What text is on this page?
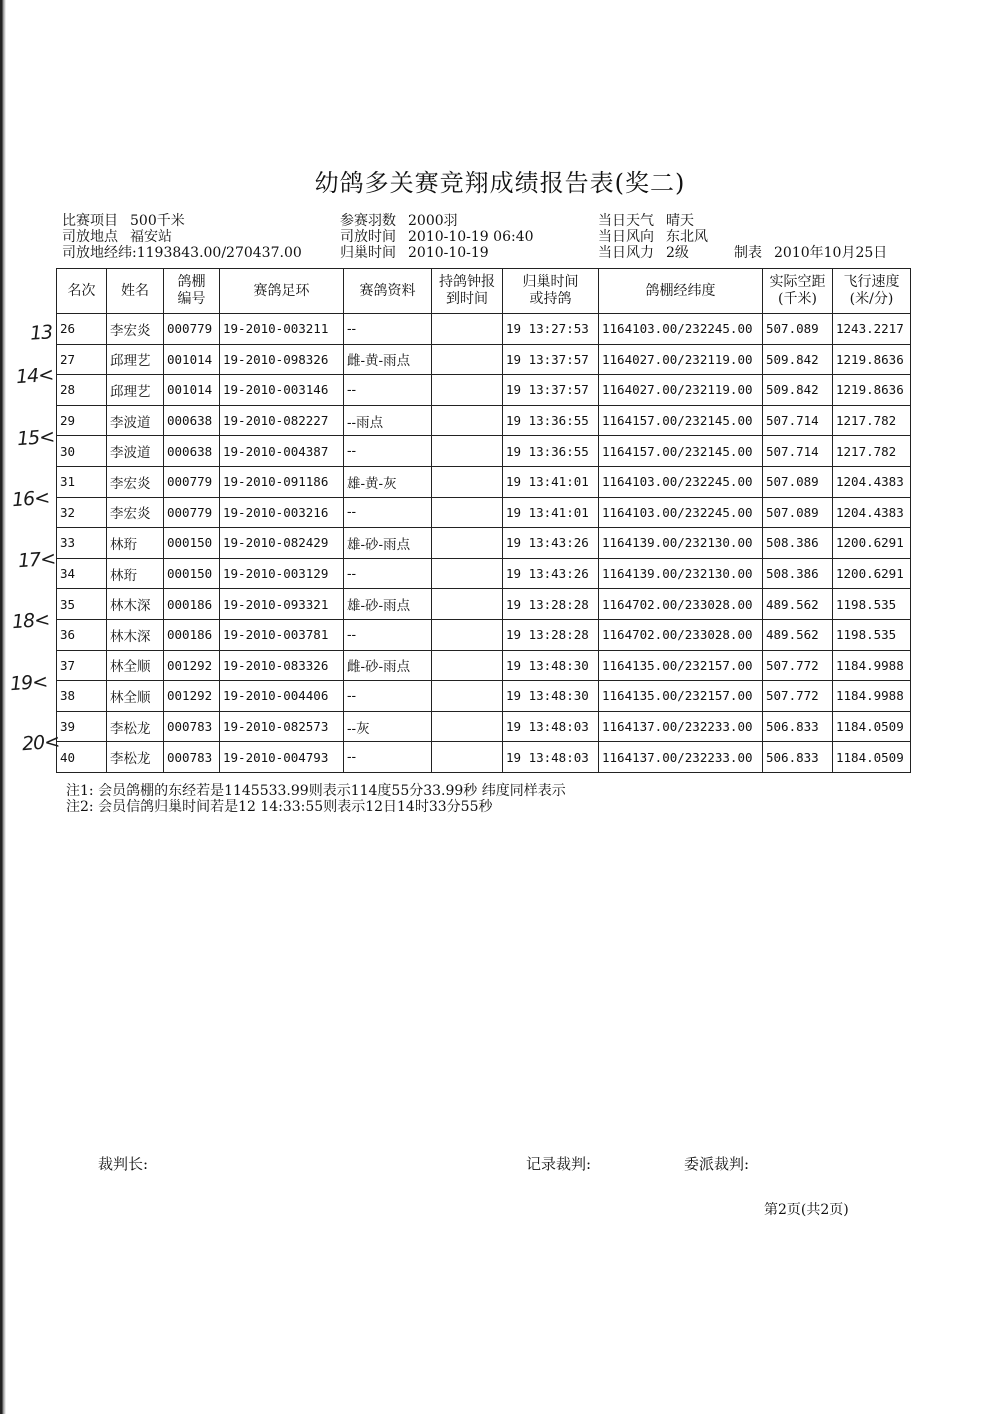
幼鸽多关赛竞翔成绩报告表(奖二)
比赛项目 500千米
司放地点 福安站
司放地经纬:1193843.00/270437.00
参赛羽数 2000羽
司放时间 2010-10-19 06:40
归巢时间 2010-10-19
当日天气 晴天
当日风向 东北风
当日风力 2级	制表 2010年10月25日
名次	姓名	鸽棚编号	赛鸽足环	赛鸽资料	持鸽钟报到时间	归巢时间或持鸽	鸽棚经纬度	实际空距(千米)	飞行速度(米/分)
26	李宏炎	000779	19-2010-003211	--		19 13:27:53	1164103.00/232245.00	507.089	1243.2217
27	邱理艺	001014	19-2010-098326	雌-黄-雨点		19 13:37:57	1164027.00/232119.00	509.842	1219.8636
28	邱理艺	001014	19-2010-003146	--		19 13:37:57	1164027.00/232119.00	509.842	1219.8636
29	李波道	000638	19-2010-082227	--雨点		19 13:36:55	1164157.00/232145.00	507.714	1217.782
30	李波道	000638	19-2010-004387	--		19 13:36:55	1164157.00/232145.00	507.714	1217.782
31	李宏炎	000779	19-2010-091186	雄-黄-灰		19 13:41:01	1164103.00/232245.00	507.089	1204.4383
32	李宏炎	000779	19-2010-003216	--		19 13:41:01	1164103.00/232245.00	507.089	1204.4383
33	林珩	000150	19-2010-082429	雄-砂-雨点		19 13:43:26	1164139.00/232130.00	508.386	1200.6291
34	林珩	000150	19-2010-003129	--		19 13:43:26	1164139.00/232130.00	508.386	1200.6291
35	林木深	000186	19-2010-093321	雄-砂-雨点		19 13:28:28	1164702.00/233028.00	489.562	1198.535
36	林木深	000186	19-2010-003781	--		19 13:28:28	1164702.00/233028.00	489.562	1198.535
37	林全顺	001292	19-2010-083326	雌-砂-雨点		19 13:48:30	1164135.00/232157.00	507.772	1184.9988
38	林全顺	001292	19-2010-004406	--		19 13:48:30	1164135.00/232157.00	507.772	1184.9988
39	李松龙	000783	19-2010-082573	--灰		19 13:48:03	1164137.00/232233.00	506.833	1184.0509
40	李松龙	000783	19-2010-004793	--		19 13:48:03	1164137.00/232233.00	506.833	1184.0509
13
14<
15<
16<
17<
18<
19<
20<
注1: 会员鸽棚的东经若是1145533.99则表示114度55分33.99秒 纬度同样表示
注2: 会员信鸽归巢时间若是12 14:33:55则表示12日14时33分55秒
裁判长:	记录裁判:	委派裁判:
第2页(共2页)
